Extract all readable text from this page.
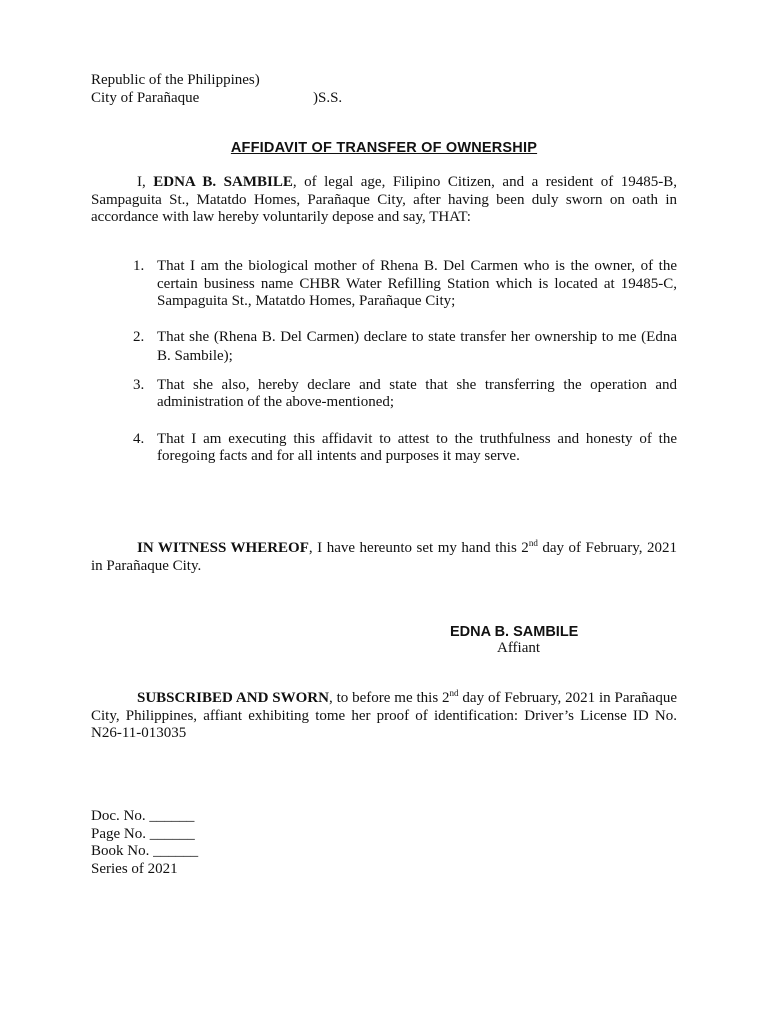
Republic of the Philippines)
City of Parañaque	)S.S.
AFFIDAVIT OF TRANSFER OF OWNERSHIP
I, EDNA B. SAMBILE, of legal age, Filipino Citizen, and a resident of 19485-B, Sampaguita St., Matatdo Homes, Parañaque City, after having been duly sworn on oath in accordance with law hereby voluntarily depose and say, THAT:
1. That I am the biological mother of Rhena B. Del Carmen who is the owner, of the certain business name CHBR Water Refilling Station which is located at 19485-C, Sampaguita St., Matatdo Homes, Parañaque City;
2. That she (Rhena B. Del Carmen) declare to state transfer her ownership to me (Edna B. Sambile);
3. That she also, hereby declare and state that she transferring the operation and administration of the above-mentioned;
4. That I am executing this affidavit to attest to the truthfulness and honesty of the foregoing facts and for all intents and purposes it may serve.
IN WITNESS WHEREOF, I have hereunto set my hand this 2nd day of February, 2021 in Parañaque City.
EDNA B. SAMBILE
Affiant
SUBSCRIBED AND SWORN, to before me this 2nd day of February, 2021 in Parañaque City, Philippines, affiant exhibiting tome her proof of identification: Driver’s License ID No. N26-11-013035
Doc. No. ______
Page No. ______
Book No. ______
Series of 2021
